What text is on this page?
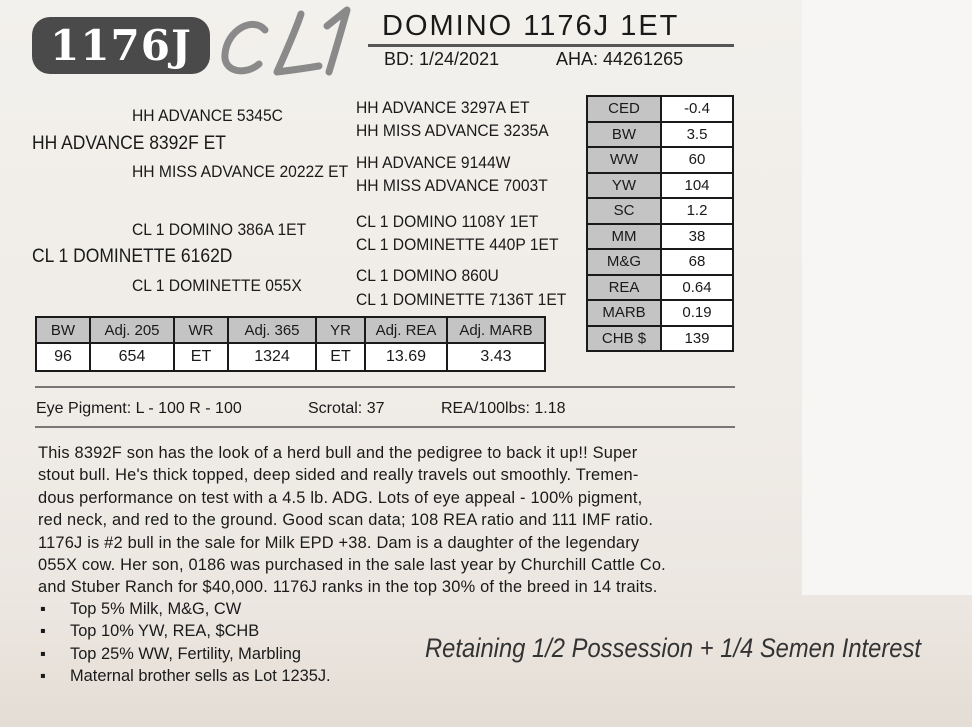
1176J	DOMINO 1176J 1ET
BD: 1/24/2021	AHA: 44261265
HH ADVANCE 5345C
HH ADVANCE 8392F ET
HH MISS ADVANCE 2022Z ET
HH ADVANCE 3297A ET
HH MISS ADVANCE 3235A
HH ADVANCE 9144W
HH MISS ADVANCE 7003T
CL 1 DOMINO 386A 1ET
CL 1 DOMINETTE 6162D
CL 1 DOMINETTE 055X
CL 1 DOMINO 1108Y 1ET
CL 1 DOMINETTE 440P 1ET
CL 1 DOMINO 860U
CL 1 DOMINETTE 7136T 1ET
BW	Adj. 205	WR	Adj. 365	YR	Adj. REA	Adj. MARB
96	654	ET	1324	ET	13.69	3.43
CED	-0.4
BW	3.5
WW	60
YW	104
SC	1.2
MM	38
M&G	68
REA	0.64
MARB	0.19
CHB $	139
Eye Pigment: L - 100 R - 100	Scrotal: 37	REA/100lbs: 1.18

This 8392F son has the look of a herd bull and the pedigree to back it up!! Super

stout bull. He's thick topped, deep sided and really travels out smoothly. Tremen-

dous performance on test with a 4.5 lb. ADG. Lots of eye appeal - 100% pigment,

red neck, and red to the ground. Good scan data; 108 REA ratio and 111 IMF ratio.

1176J is #2 bull in the sale for Milk EPD +38. Dam is a daughter of the legendary

055X cow. Her son, 0186 was purchased in the sale last year by Churchill Cattle Co.

and Stuber Ranch for $40,000. 1176J ranks in the top 30% of the breed in 14 traits.

▪	Top 5% Milk, M&G, CW
▪	Top 10% YW, REA, $CHB
▪	Top 25% WW, Fertility, Marbling
▪	Maternal brother sells as Lot 1235J.
Retaining 1/2 Possession + 1/4 Semen Interest
